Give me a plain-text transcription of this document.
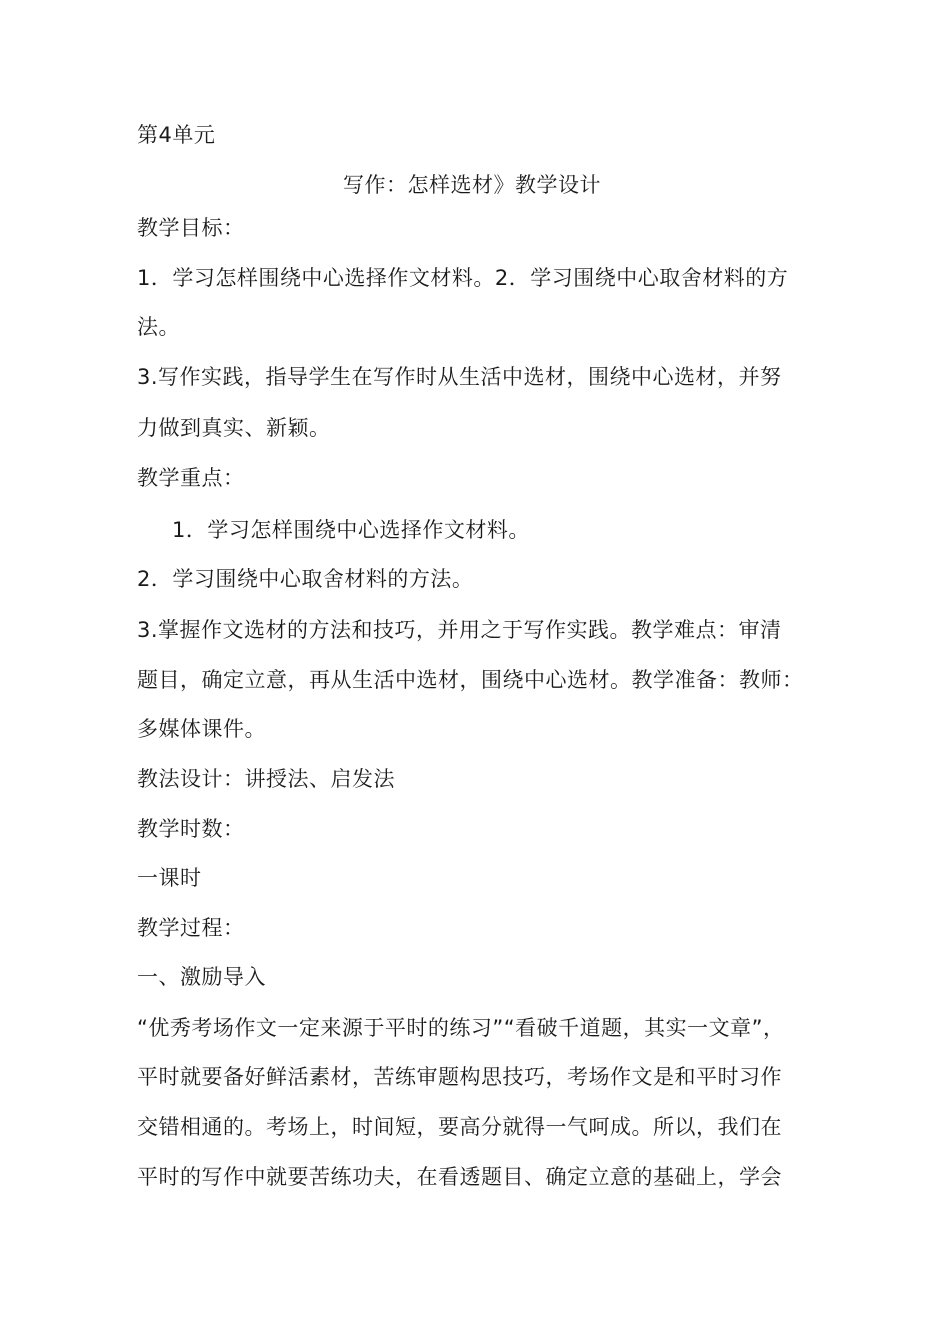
第4单元
写作：怎样选材》教学设计
教学目标：
1．学习怎样围绕中心选择作文材料。2．学习围绕中心取舍材料的方
法。
3.写作实践，指导学生在写作时从生活中选材，围绕中心选材，并努
力做到真实、新颖。
教学重点：
1．学习怎样围绕中心选择作文材料。
2．学习围绕中心取舍材料的方法。
3.掌握作文选材的方法和技巧，并用之于写作实践。教学难点：审清
题目，确定立意，再从生活中选材，围绕中心选材。教学准备：教师：
多媒体课件。
教法设计：讲授法、启发法
教学时数：
一课时
教学过程：
一、激励导入
“优秀考场作文一定来源于平时的练习”“看破千道题，其实一文章”，
平时就要备好鲜活素材，苦练审题构思技巧，考场作文是和平时习作
交错相通的。考场上，时间短，要高分就得一气呵成。所以，我们在
平时的写作中就要苦练功夫，在看透题目、确定立意的基础上，学会
